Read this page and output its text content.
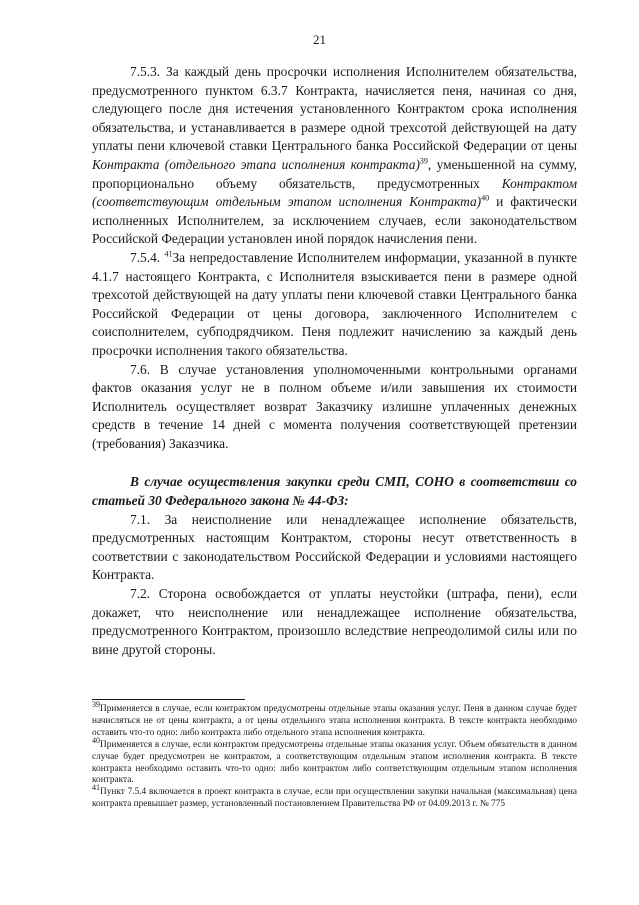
21

7.5.3. За каждый день просрочки исполнения Исполнителем обязательства, предусмотренного пунктом 6.3.7 Контракта, начисляется пеня, начиная со дня, следующего после дня истечения установленного Контрактом срока исполнения обязательства, и устанавливается в размере одной трехсотой действующей на дату уплаты пени ключевой ставки Центрального банка Российской Федерации от цены Контракта (отдельного этапа исполнения контракта)$^{39}$, уменьшенной на сумму, пропорционально объему обязательств, предусмотренных Контрактом (соответствующим отдельным этапом исполнения Контракта)$^{40}$ и фактически исполненных Исполнителем, за исключением случаев, если законодательством Российской Федерации установлен иной порядок начисления пени.

7.5.4. $^{41}$За непредоставление Исполнителем информации, указанной в пункте 4.1.7 настоящего Контракта, с Исполнителя взыскивается пени в размере одной трехсотой действующей на дату уплаты пени ключевой ставки Центрального банка Российской Федерации от цены договора, заключенного Исполнителем с соисполнителем, субподрядчиком. Пеня подлежит начислению за каждый день просрочки исполнения такого обязательства.

7.6. В случае установления уполномоченными контрольными органами фактов оказания услуг не в полном объеме и/или завышения их стоимости Исполнитель осуществляет возврат Заказчику излишне уплаченных денежных средств в течение 14 дней с момента получения соответствующей претензии (требования) Заказчика.

В случае осуществления закупки среди СМП, СОНО в соответствии со статьей 30 Федерального закона № 44-ФЗ:

7.1. За неисполнение или ненадлежащее исполнение обязательств, предусмотренных настоящим Контрактом, стороны несут ответственность в соответствии с законодательством Российской Федерации и условиями настоящего Контракта.

7.2. Сторона освобождается от уплаты неустойки (штрафа, пени), если докажет, что неисполнение или ненадлежащее исполнение обязательства, предусмотренного Контрактом, произошло вследствие непреодолимой силы или по вине другой стороны.

$^{39}$Применяется в случае, если контрактом предусмотрены отдельные этапы оказания услуг. Пеня в данном случае будет начисляться не от цены контракта, а от цены отдельного этапа исполнения контракта. В тексте контракта необходимо оставить что-то одно: либо контракта либо отдельного этапа исполнения контракта.

$^{40}$Применяется в случае, если контрактом предусмотрены отдельные этапы оказания услуг. Объем обязательств в данном случае будет предусмотрен не контрактом, а соответствующим отдельным этапом исполнения контракта. В тексте контракта необходимо оставить что-то одно: либо контрактом либо соответствующим отдельным этапом исполнения контракта.

$^{41}$Пункт 7.5.4 включается в проект контракта в случае, если при осуществлении закупки начальная (максимальная) цена контракта превышает размер, установленный постановлением Правительства РФ от 04.09.2013 г. № 775
